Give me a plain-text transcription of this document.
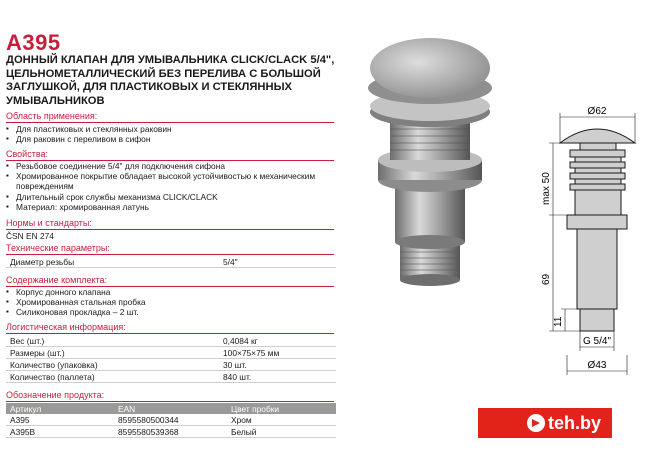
A395
ДОННЫЙ КЛАПАН ДЛЯ УМЫВАЛЬНИКА CLICK/CLACK 5/4", ЦЕЛЬНОМЕТАЛЛИЧЕСКИЙ БЕЗ ПЕРЕЛИВА С БОЛЬШОЙ ЗАГЛУШКОЙ, ДЛЯ ПЛАСТИКОВЫХ И СТЕКЛЯННЫХ УМЫВАЛЬНИКОВ
Область применения:
▪ Для пластиковых и стеклянных раковин
▪ Для раковин с переливом в сифон
Свойства:
▪ Резьбовое соединение 5/4" для подключения сифона
▪ Хромированное покрытие обладает высокой устойчивостью к механическим повреждениям
▪ Длительный срок службы механизма CLICK/CLACK
▪ Материал: хромированная латунь
Нормы и стандарты:
ČSN EN 274
Технические параметры:
Диаметр резьбы	5/4"
Содержание комплекта:
▪ Корпус донного клапана
▪ Хромированная стальная пробка
▪ Силиконовая прокладка – 2 шт.
Логистическая информация:
Вес (шт.)	0,4084 кг
Размеры (шт.)	100×75×75 мм
Количество (упаковка)	30 шт.
Количество (паллета)	840 шт.
Обозначение продукта:
Артикул	EAN	Цвет пробки
A395	8595580500344	Хром
A395B	8595580539368	Белый
Ø62
max 50
69
11
G 5/4"
Ø43
teh.by
